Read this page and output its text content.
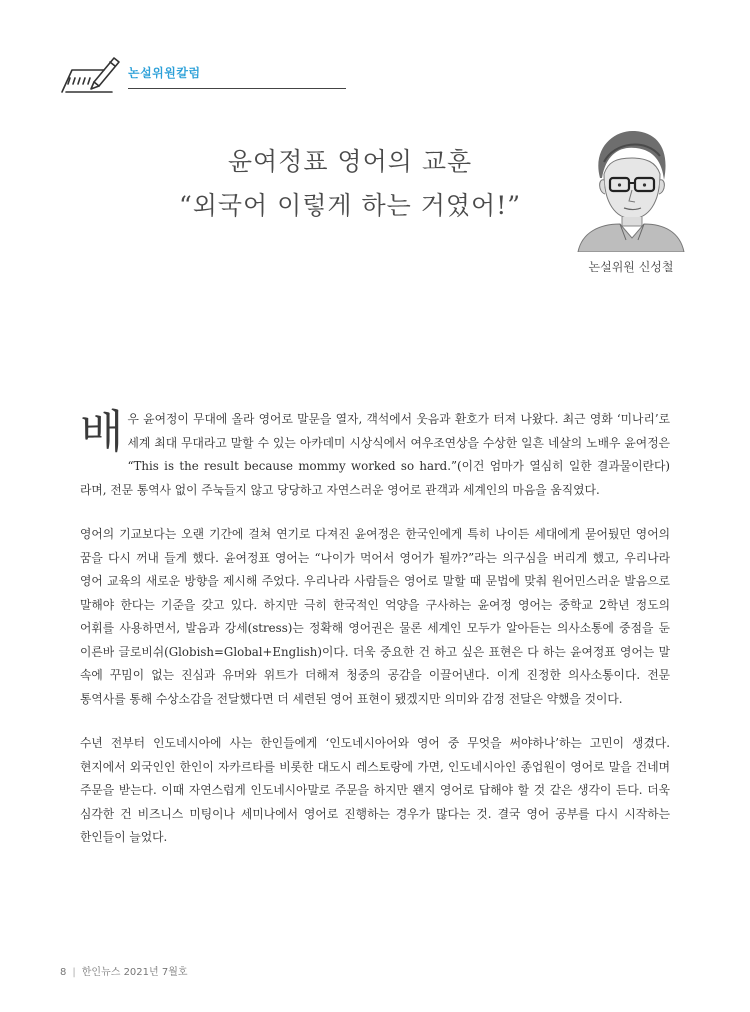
논설위원칼럼
윤여정표 영어의 교훈
“외국어 이렇게 하는 거였어!”
논설위원 신성철

배우 윤여정이 무대에 올라 영어로 말문을 열자, 객석에서 웃음과 환호가 터져 나왔다. 최근 영화 ‘미나리’로 세계 최대 무대라고 말할 수 있는 아카데미 시상식에서 여우조연상을 수상한 일흔 네살의 노배우 윤여정은 “This is the result because mommy worked so hard.”(이건 엄마가 열심히 일한 결과물이란다)라며, 전문 통역사 없이 주눅들지 않고 당당하고 자연스러운 영어로 관객과 세계인의 마음을 움직였다.

영어의 기교보다는 오랜 기간에 걸쳐 연기로 다져진 윤여정은 한국인에게 특히 나이든 세대에게 묻어뒀던 영어의 꿈을 다시 꺼내 들게 했다. 윤여정표 영어는 “나이가 먹어서 영어가 될까?”라는 의구심을 버리게 했고, 우리나라 영어 교육의 새로운 방향을 제시해 주었다. 우리나라 사람들은 영어로 말할 때 문법에 맞춰 원어민스러운 발음으로 말해야 한다는 기준을 갖고 있다. 하지만 극히 한국적인 억양을 구사하는 윤여정 영어는 중학교 2학년 정도의 어휘를 사용하면서, 발음과 강세(stress)는 정확해 영어권은 물론 세계인 모두가 알아듣는 의사소통에 중점을 둔 이른바 글로비쉬(Globish=Global+English)이다. 더욱 중요한 건 하고 싶은 표현은 다 하는 윤여정표 영어는 말 속에 꾸밈이 없는 진심과 유머와 위트가 더해져 청중의 공감을 이끌어낸다. 이게 진정한 의사소통이다. 전문 통역사를 통해 수상소감을 전달했다면 더 세련된 영어 표현이 됐겠지만 의미와 감정 전달은 약했을 것이다.

수년 전부터 인도네시아에 사는 한인들에게 ‘인도네시아어와 영어 중 무엇을 써야하나’하는 고민이 생겼다. 현지에서 외국인인 한인이 자카르타를 비롯한 대도시 레스토랑에 가면, 인도네시아인 종업원이 영어로 말을 건네며 주문을 받는다. 이때 자연스럽게 인도네시아말로 주문을 하지만 왠지 영어로 답해야 할 것 같은 생각이 든다. 더욱 심각한 건 비즈니스 미팅이나 세미나에서 영어로 진행하는 경우가 많다는 것. 결국 영어 공부를 다시 시작하는 한인들이 늘었다.

8 | 한인뉴스 2021년 7월호
